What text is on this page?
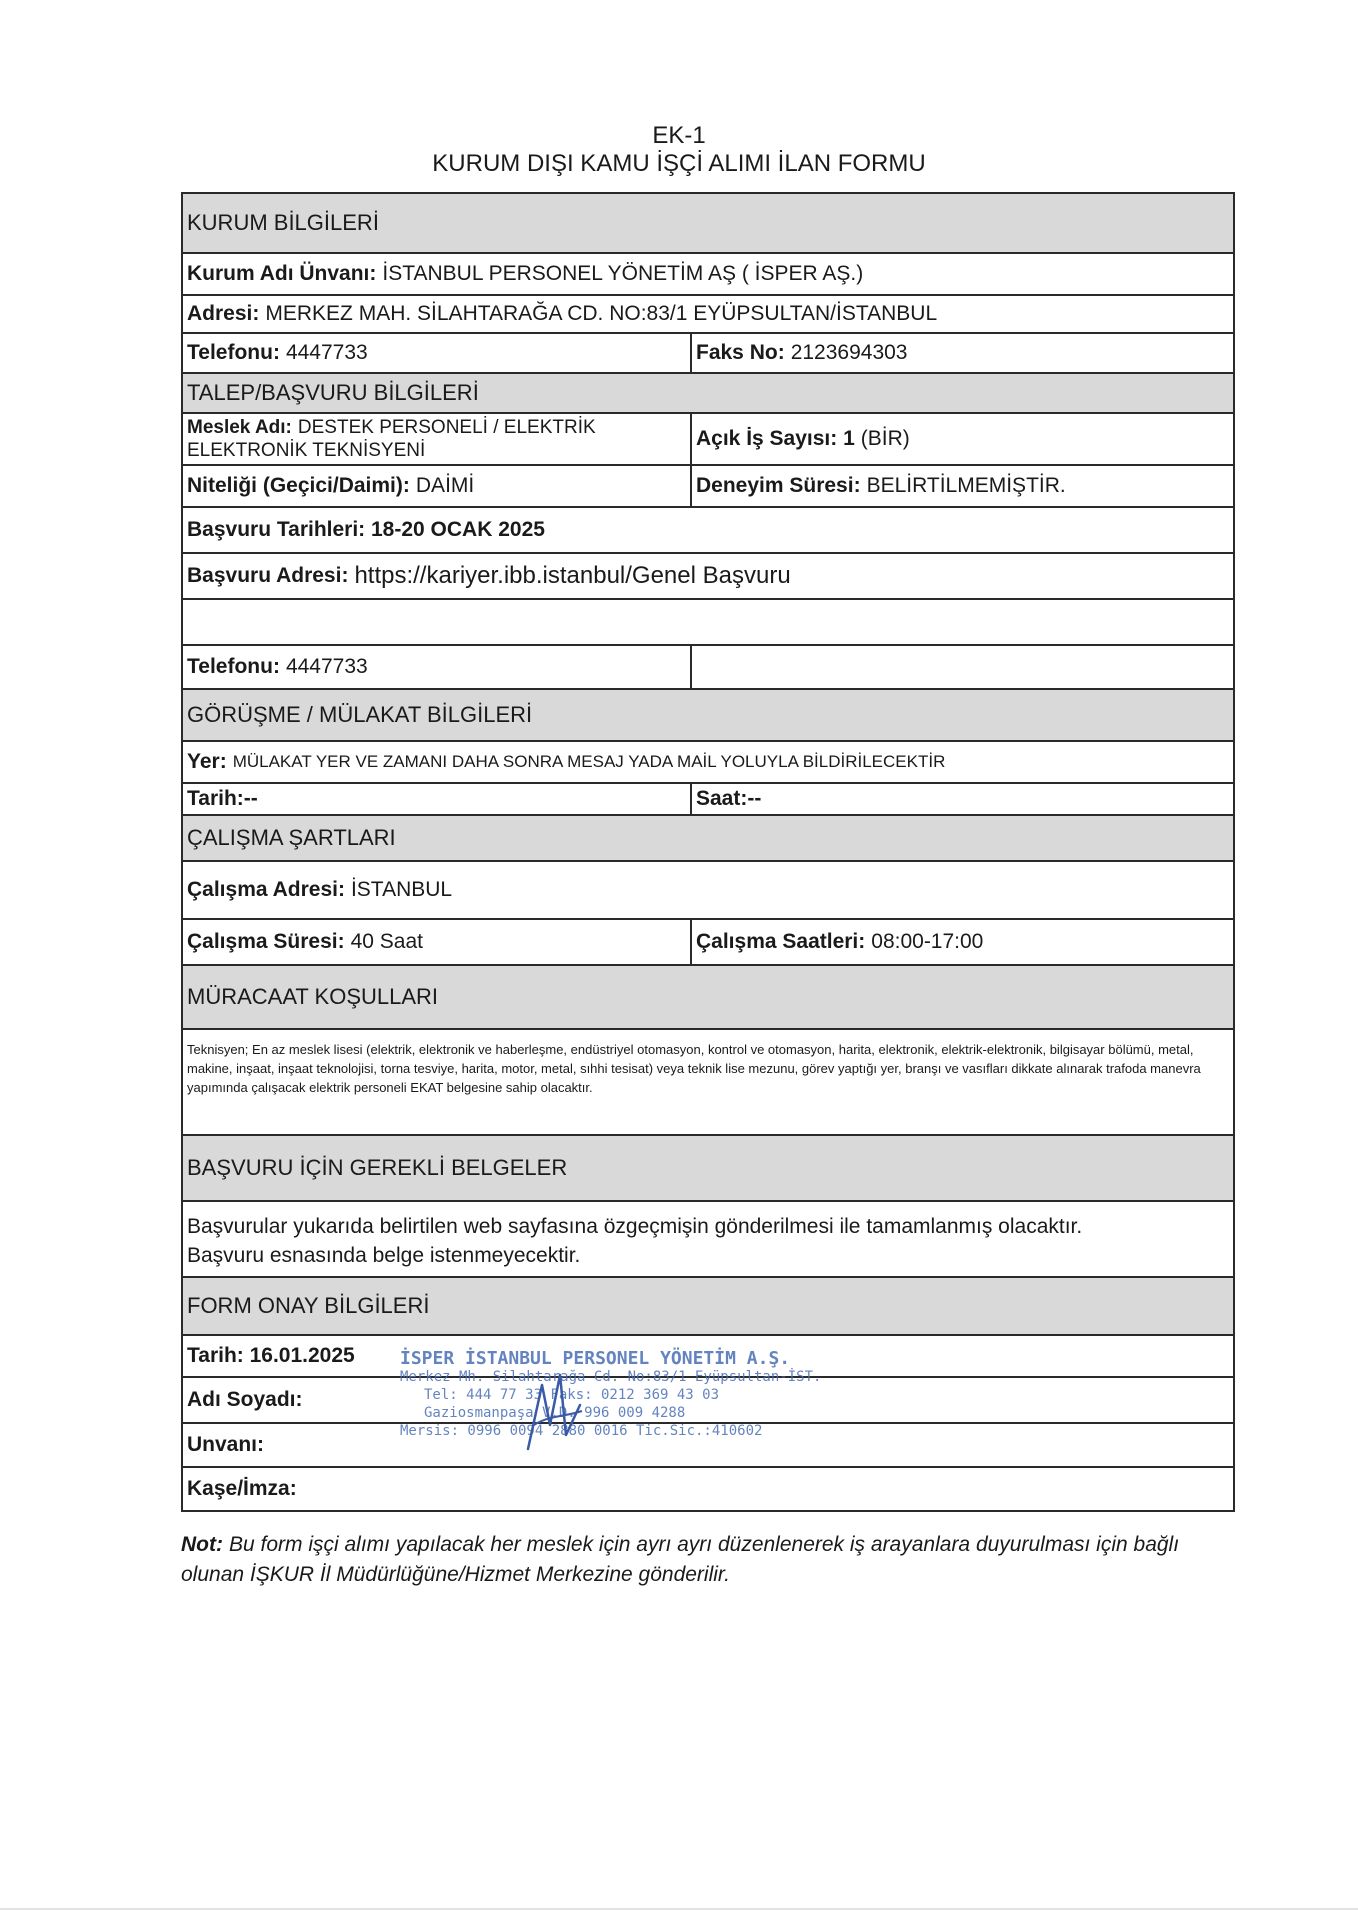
EK-1
KURUM DIŞI KAMU İŞÇİ ALIMI İLAN FORMU
KURUM BİLGİLERİ
Kurum Adı Ünvanı: İSTANBUL PERSONEL YÖNETİM AŞ ( İSPER AŞ.)
Adresi: MERKEZ MAH. SİLAHTARAĞA CD. NO:83/1 EYÜPSULTAN/İSTANBUL
Telefonu: 4447733	Faks No: 2123694303
TALEP/BAŞVURU BİLGİLERİ
Meslek Adı: DESTEK PERSONELİ / ELEKTRİK
ELEKTRONİK TEKNİSYENİ
Açık İş Sayısı: 1 (BİR)
Niteliği (Geçici/Daimi): DAİMİ	Deneyim Süresi: BELİRTİLMEMİŞTİR.
Başvuru Tarihleri: 18-20 OCAK 2025
Başvuru Adresi: https://kariyer.ibb.istanbul/Genel Başvuru
Telefonu: 4447733
GÖRÜŞME / MÜLAKAT BİLGİLERİ
Yer: MÜLAKAT YER VE ZAMANI DAHA SONRA MESAJ YADA MAİL YOLUYLA BİLDİRİLECEKTİR
Tarih:--	Saat:--
ÇALIŞMA ŞARTLARI
Çalışma Adresi: İSTANBUL
Çalışma Süresi: 40 Saat	Çalışma Saatleri: 08:00-17:00
MÜRACAAT KOŞULLARI
Teknisyen; En az meslek lisesi (elektrik, elektronik ve haberleşme, endüstriyel otomasyon, kontrol ve otomasyon, harita, elektronik, elektrik-elektronik, bilgisayar bölümü, metal, makine, inşaat, inşaat teknolojisi, torna tesviye, harita, motor, metal, sıhhi tesisat) veya teknik lise mezunu, görev yaptığı yer, branşı ve vasıfları dikkate alınarak trafoda manevra yapımında çalışacak elektrik personeli EKAT belgesine sahip olacaktır.
BAŞVURU İÇİN GEREKLİ BELGELER
Başvurular yukarıda belirtilen web sayfasına özgeçmişin gönderilmesi ile tamamlanmış olacaktır.
Başvuru esnasında belge istenmeyecektir.
FORM ONAY BİLGİLERİ
Tarih: 16.01.2025
Adı Soyadı:
Unvanı:
Kaşe/İmza:
İSPER İSTANBUL PERSONEL YÖNETİM A.Ş.
Merkez Mh. Silahtarağa Cd. No:83/1 Eyüpsultan-İST.
Tel: 444 77 33 Faks: 0212 369 43 03
Gaziosmanpaşa V.D. 996 009 4288
Mersis: 0996 0094 2880 0016 Tic.Sic.:410602
Not: Bu form işçi alımı yapılacak her meslek için ayrı ayrı düzenlenerek iş arayanlara duyurulması için bağlı olunan İŞKUR İl Müdürlüğüne/Hizmet Merkezine gönderilir.
